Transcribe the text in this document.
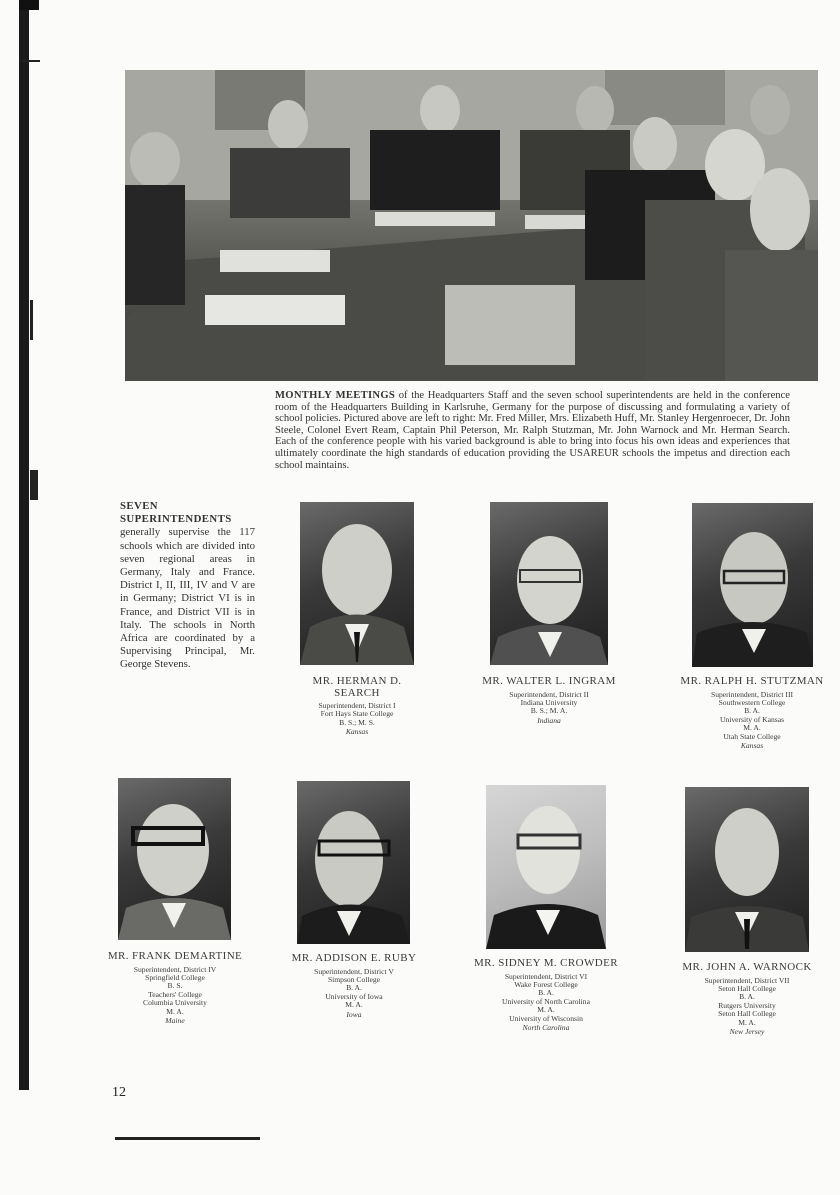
MONTHLY MEETINGS of the Headquarters Staff and the seven school superintendents are held in the conference room of the Headquarters Building in Karlsruhe, Germany for the purpose of discussing and formulating a variety of school policies. Pictured above are left to right: Mr. Fred Miller, Mrs. Elizabeth Huff, Mr. Stanley Hergenroecer, Dr. John Steele, Colonel Evert Ream, Captain Phil Peterson, Mr. Ralph Stutzman, Mr. John Warnock and Mr. Herman Search. Each of the conference people with his varied background is able to bring into focus his own ideas and experiences that ultimately coordinate the high standards of education providing the USAREUR schools the impetus and direction each school maintains.
SEVEN SUPERINTENDENTS generally supervise the 117 schools which are divided into seven regional areas in Germany, Italy and France. District I, II, III, IV and V are in Germany; District VI is in France, and District VII is in Italy. The schools in North Africa are coordinated by a Supervising Principal, Mr. George Stevens.
MR. HERMAN D. SEARCH
Superintendent, District I
Fort Hays State College
B. S.; M. S.
Kansas
MR. WALTER L. INGRAM
Superintendent, District II
Indiana University
B. S.; M. A.
Indiana
MR. RALPH H. STUTZMAN
Superintendent, District III
Southwestern College
B. A.
University of Kansas
M. A.
Utah State College
Kansas
MR. FRANK DEMARTINE
Superintendent, District IV
Springfield College
B. S.
Teachers' College
Columbia University
M. A.
Maine
MR. ADDISON E. RUBY
Superintendent, District V
Simpson College
B. A.
University of Iowa
M. A.
Iowa
MR. SIDNEY M. CROWDER
Superintendent, District VI
Wake Forest College
B. A.
University of North Carolina
M. A.
University of Wisconsin
North Carolina
MR. JOHN A. WARNOCK
Superintendent, District VII
Seton Hall College
B. A.
Rutgers University
Seton Hall College
M. A.
New Jersey
12
